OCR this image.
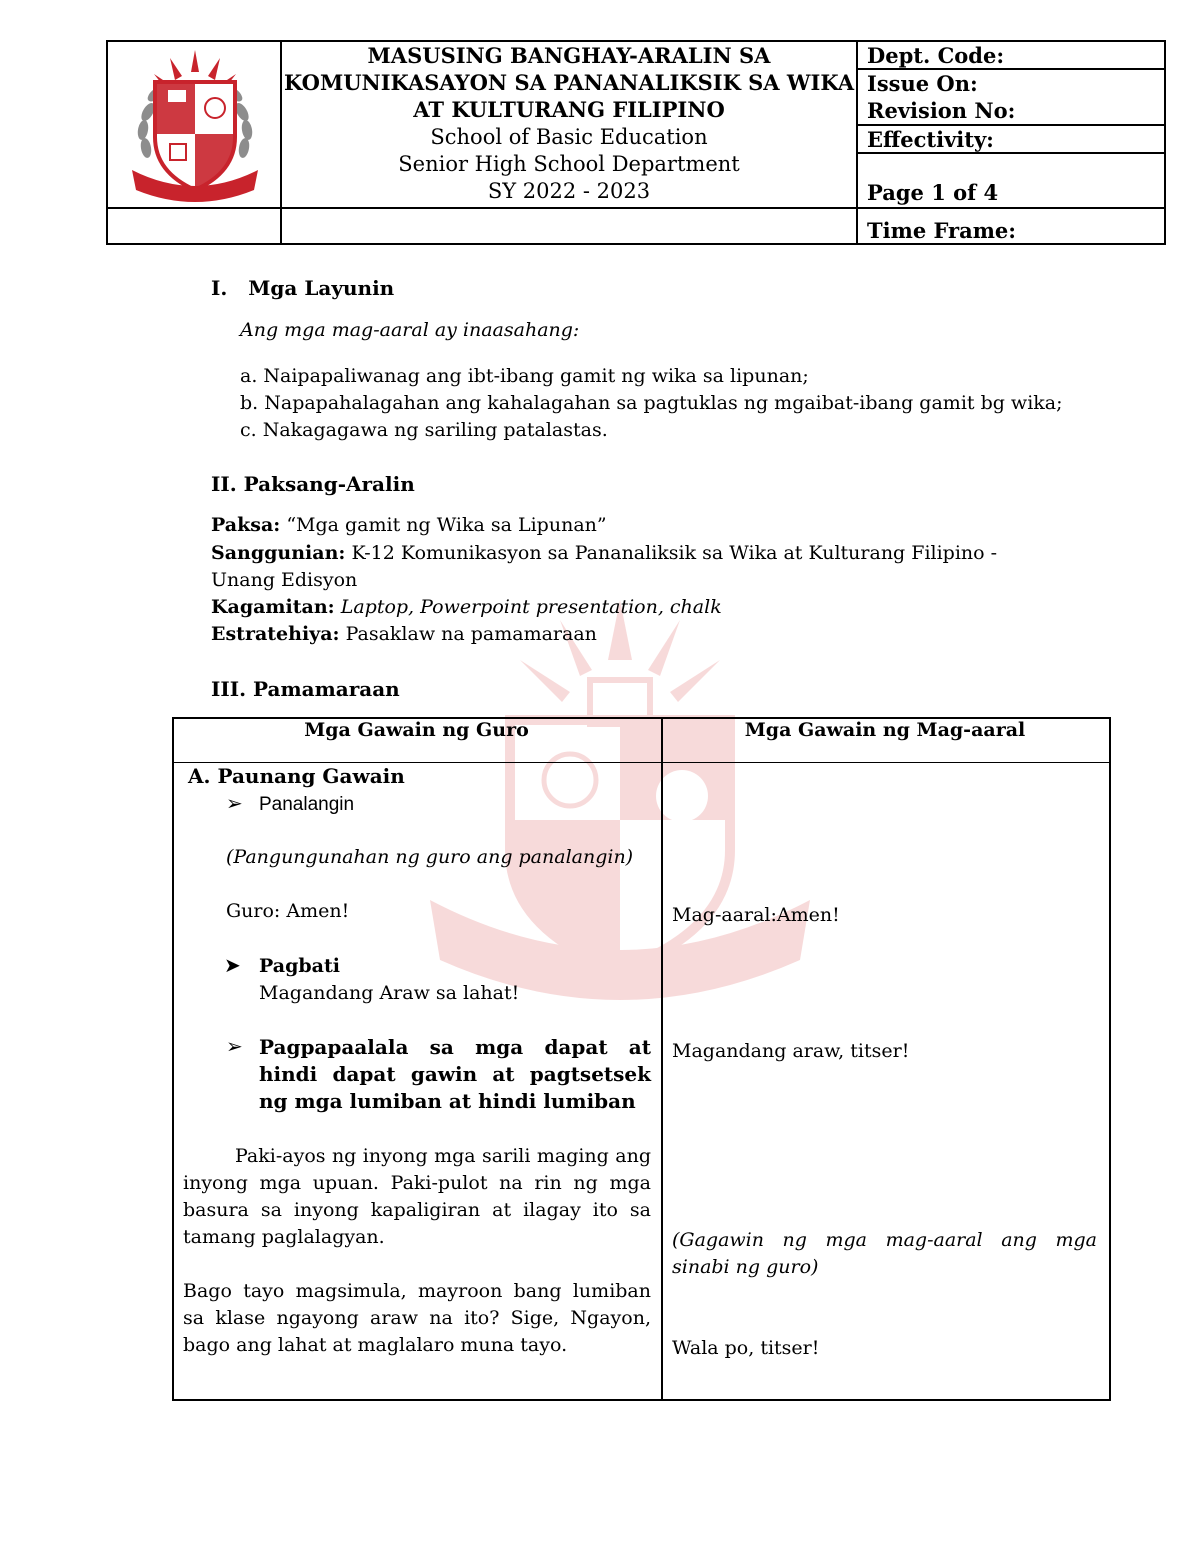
MASUSING BANGHAY-ARALIN SA
KOMUNIKASAYON SA PANANALIKSIK SA WIKA
AT KULTURANG FILIPINO
School of Basic Education
Senior High School Department
SY 2022 - 2023
Dept. Code:
Issue On:
Revision No:
Effectivity:
Page 1 of 4
Time Frame:
I. Mga Layunin
Ang mga mag-aaral ay inaasahang:
a. Naipapaliwanag ang ibt-ibang gamit ng wika sa lipunan;
b. Napapahalagahan ang kahalagahan sa pagtuklas ng mgaibat-ibang gamit bg wika;
c. Nakagagawa ng sariling patalastas.
II. Paksang-Aralin
Paksa: “Mga gamit ng Wika sa Lipunan”
Sanggunian: K-12 Komunikasyon sa Pananaliksik sa Wika at Kulturang Filipino -
Unang Edisyon
Kagamitan: Laptop, Powerpoint presentation, chalk
Estratehiya: Pasaklaw na pamamaraan
III. Pamamaraan
Mga Gawain ng Guro	Mga Gawain ng Mag-aaral
A. Paunang Gawain
➢ Panalangin
(Pangungunahan ng guro ang panalangin)
Guro: Amen!
➤ Pagbati
Magandang Araw sa lahat!
➢ Pagpapaalala sa mga dapat at hindi dapat gawin at pagtsetsek ng mga lumiban at hindi lumiban
Paki-ayos ng inyong mga sarili maging ang inyong mga upuan. Paki-pulot na rin ng mga basura sa inyong kapaligiran at ilagay ito sa tamang paglalagyan.
Bago tayo magsimula, mayroon bang lumiban sa klase ngayong araw na ito? Sige, Ngayon, bago ang lahat at maglalaro muna tayo.
Mag-aaral:Amen!
Magandang araw, titser!
(Gagawin ng mga mag-aaral ang mga sinabi ng guro)
Wala po, titser!
